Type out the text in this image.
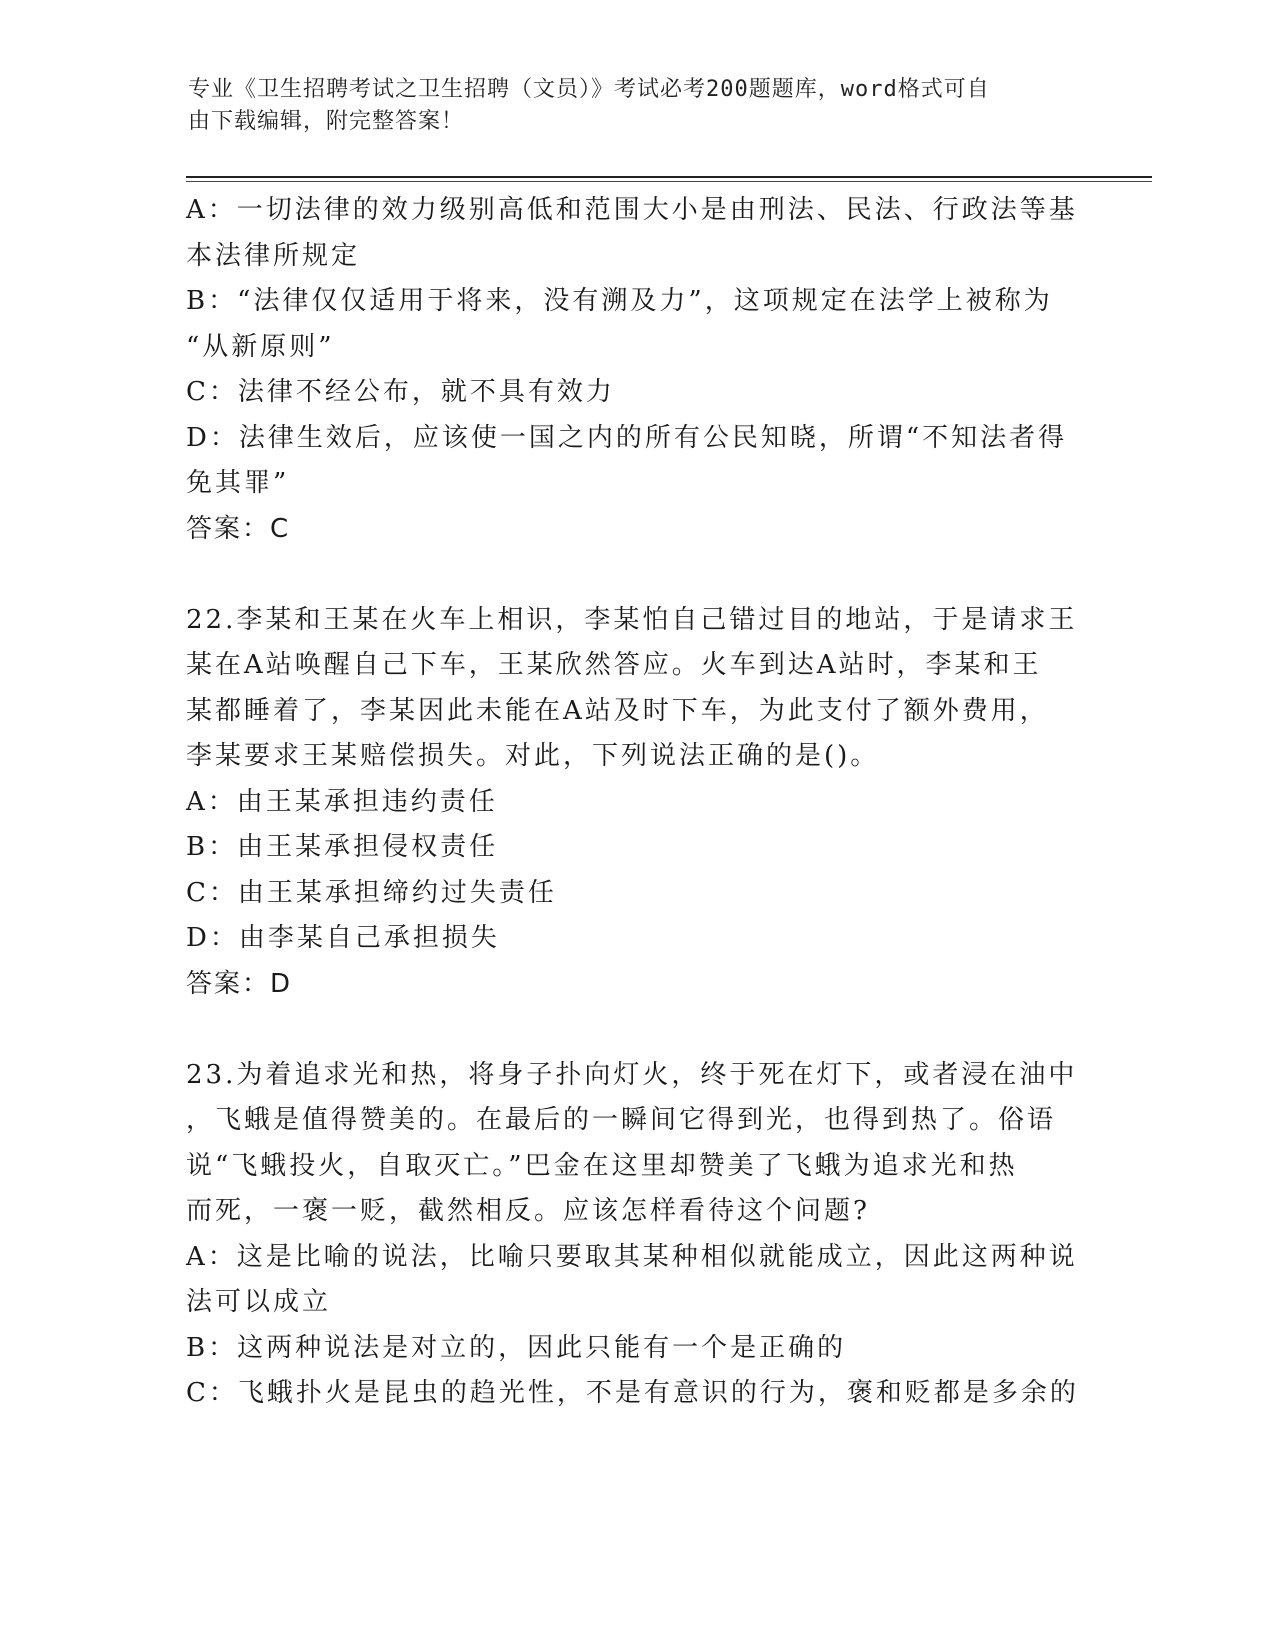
专业《卫生招聘考试之卫生招聘（文员）》考试必考200题题库，word格式可自
由下载编辑，附完整答案！
A：一切法律的效力级别高低和范围大小是由刑法、民法、行政法等基
本法律所规定
B：“法律仅仅适用于将来，没有溯及力”，这项规定在法学上被称为
“从新原则”
C：法律不经公布，就不具有效力
D：法律生效后，应该使一国之内的所有公民知晓，所谓“不知法者得
免其罪”
答案：C
22.李某和王某在火车上相识，李某怕自己错过目的地站，于是请求王
某在A站唤醒自己下车，王某欣然答应。火车到达A站时，李某和王
某都睡着了，李某因此未能在A站及时下车，为此支付了额外费用，
李某要求王某赔偿损失。对此，下列说法正确的是()。
A：由王某承担违约责任
B：由王某承担侵权责任
C：由王某承担缔约过失责任
D：由李某自己承担损失
答案：D
23.为着追求光和热，将身子扑向灯火，终于死在灯下，或者浸在油中
，飞蛾是值得赞美的。在最后的一瞬间它得到光，也得到热了。俗语
说“飞蛾投火，自取灭亡。”巴金在这里却赞美了飞蛾为追求光和热
而死，一褒一贬，截然相反。应该怎样看待这个问题?
A：这是比喻的说法，比喻只要取其某种相似就能成立，因此这两种说
法可以成立
B：这两种说法是对立的，因此只能有一个是正确的
C：飞蛾扑火是昆虫的趋光性，不是有意识的行为，褒和贬都是多余的
